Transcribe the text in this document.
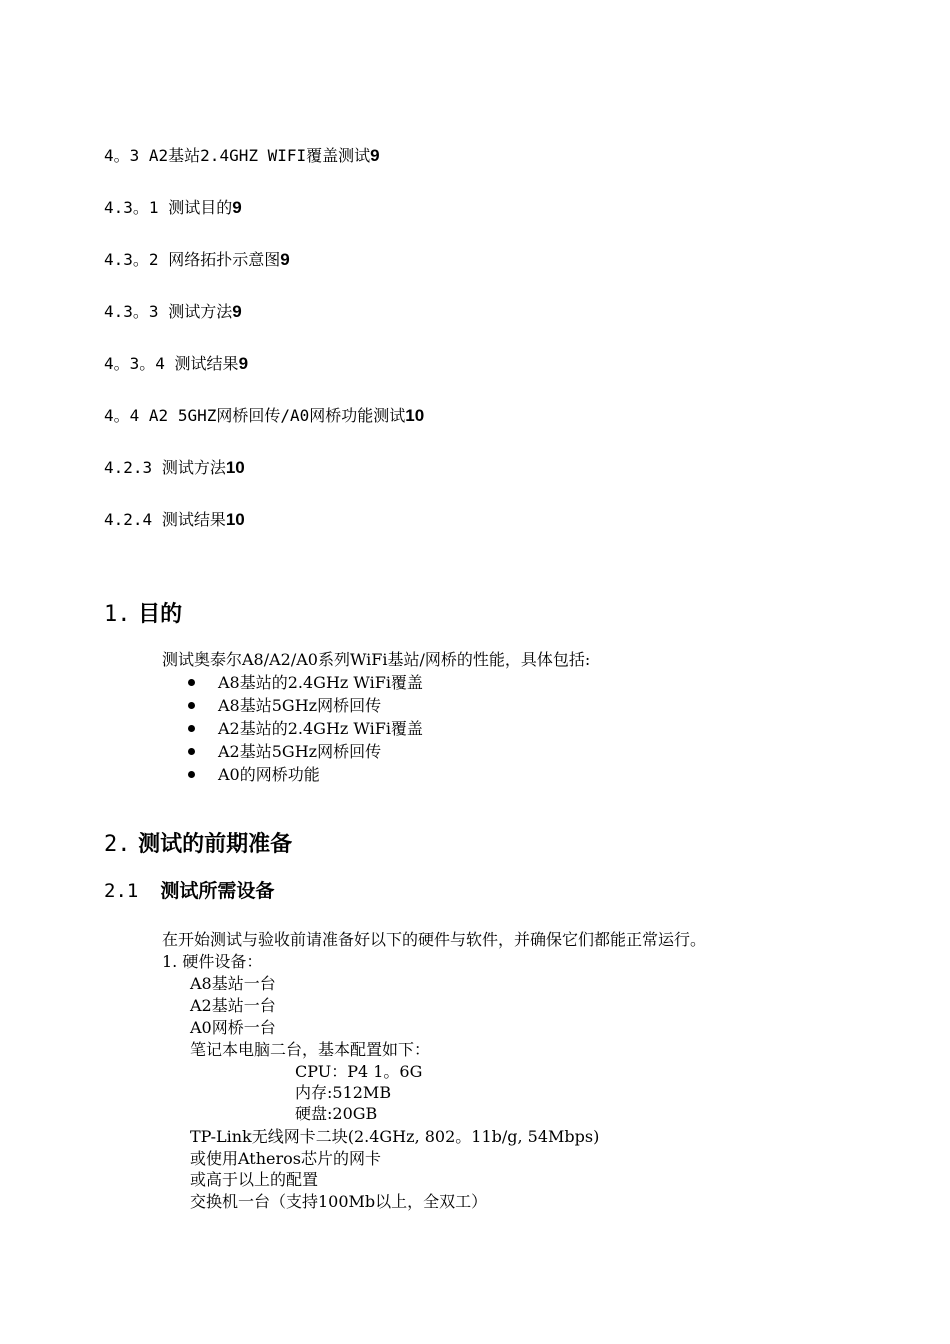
4。3 A2基站2.4GHZ WIFI覆盖测试9
4.3。1 测试目的9
4.3。2 网络拓扑示意图9
4.3。3 测试方法9
4。3。4 测试结果9
4。4 A2 5GHZ网桥回传/A0网桥功能测试10
4.2.3 测试方法10
4.2.4 测试结果10
1. 目的
测试奥泰尔A8/A2/A0系列WiFi基站/网桥的性能，具体包括:
A8基站的2.4GHz WiFi覆盖
A8基站5GHz网桥回传
A2基站的2.4GHz WiFi覆盖
A2基站5GHz网桥回传
A0的网桥功能
2. 测试的前期准备
2.1 测试所需设备
在开始测试与验收前请准备好以下的硬件与软件，并确保它们都能正常运行。
1. 硬件设备：
A8基站一台
A2基站一台
A0网桥一台
笔记本电脑二台，基本配置如下：
CPU：P4 1。6G
内存:512MB
硬盘:20GB
TP-Link无线网卡二块(2.4GHz, 802。11b/g, 54Mbps)
或使用Atheros芯片的网卡
或高于以上的配置
交换机一台（支持100Mb以上，全双工）
